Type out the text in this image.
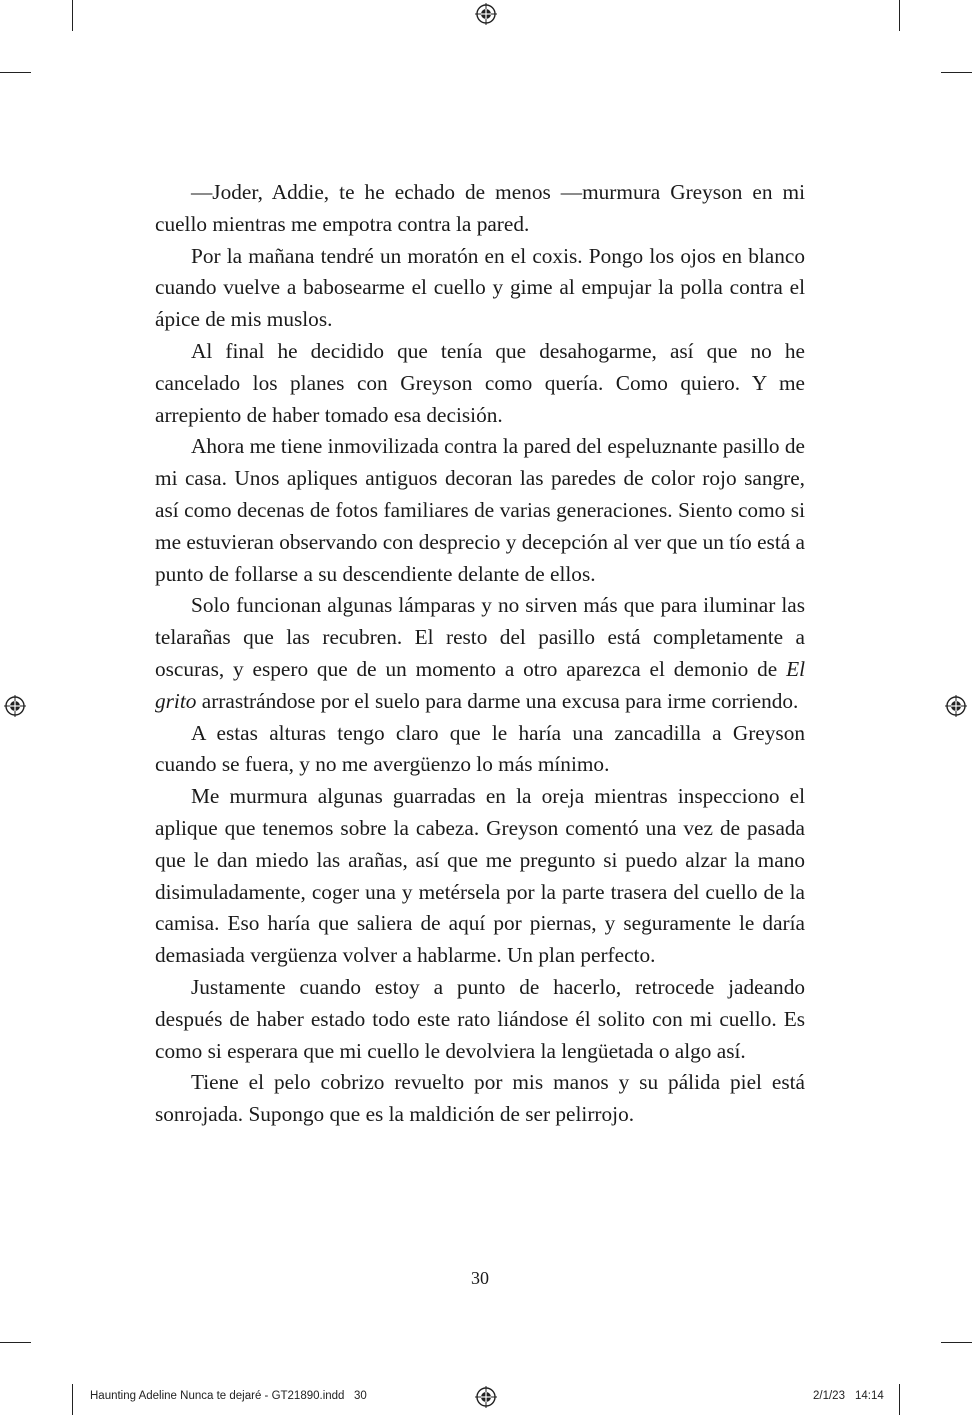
—Joder, Addie, te he echado de menos —murmura Greyson en mi cuello mientras me empotra contra la pared.

Por la mañana tendré un moratón en el coxis. Pongo los ojos en blanco cuando vuelve a babosearme el cuello y gime al empujar la polla contra el ápice de mis muslos.

Al final he decidido que tenía que desahogarme, así que no he cancelado los planes con Greyson como quería. Como quiero. Y me arrepiento de haber tomado esa decisión.

Ahora me tiene inmovilizada contra la pared del espeluznante pasillo de mi casa. Unos apliques antiguos decoran las paredes de color rojo sangre, así como decenas de fotos familiares de varias generaciones. Siento como si me estuvieran observando con desprecio y decepción al ver que un tío está a punto de follarse a su descendiente delante de ellos.

Solo funcionan algunas lámparas y no sirven más que para iluminar las telarañas que las recubren. El resto del pasillo está completamente a oscuras, y espero que de un momento a otro aparezca el demonio de El grito arrastrándose por el suelo para darme una excusa para irme corriendo.

A estas alturas tengo claro que le haría una zancadilla a Greyson cuando se fuera, y no me avergüenzo lo más mínimo.

Me murmura algunas guarradas en la oreja mientras inspecciono el aplique que tenemos sobre la cabeza. Greyson comentó una vez de pasada que le dan miedo las arañas, así que me pregunto si puedo alzar la mano disimuladamente, coger una y metérsela por la parte trasera del cuello de la camisa. Eso haría que saliera de aquí por piernas, y seguramente le daría demasiada vergüenza volver a hablarme. Un plan perfecto.

Justamente cuando estoy a punto de hacerlo, retrocede jadeando después de haber estado todo este rato liándose él solito con mi cuello. Es como si esperara que mi cuello le devolviera la lengüetada o algo así.

Tiene el pelo cobrizo revuelto por mis manos y su pálida piel está sonrojada. Supongo que es la maldición de ser pelirrojo.

30
Haunting Adeline Nunca te dejaré - GT21890.indd   30	2/1/23 14:14
